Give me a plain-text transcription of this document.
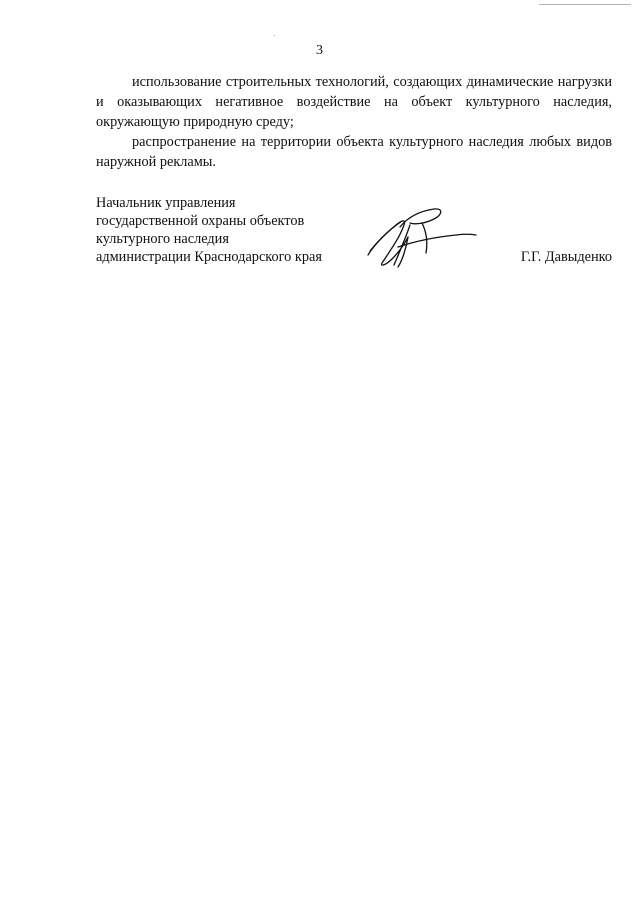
3

использование строительных технологий, создающих динамические нагрузки и оказывающих негативное воздействие на объект культурного наследия, окружающую природную среду;

распространение на территории объекта культурного наследия любых видов наружной рекламы.

Начальник управления
государственной охраны объектов
культурного наследия
администрации Краснодарского края	Г.Г. Давыденко
